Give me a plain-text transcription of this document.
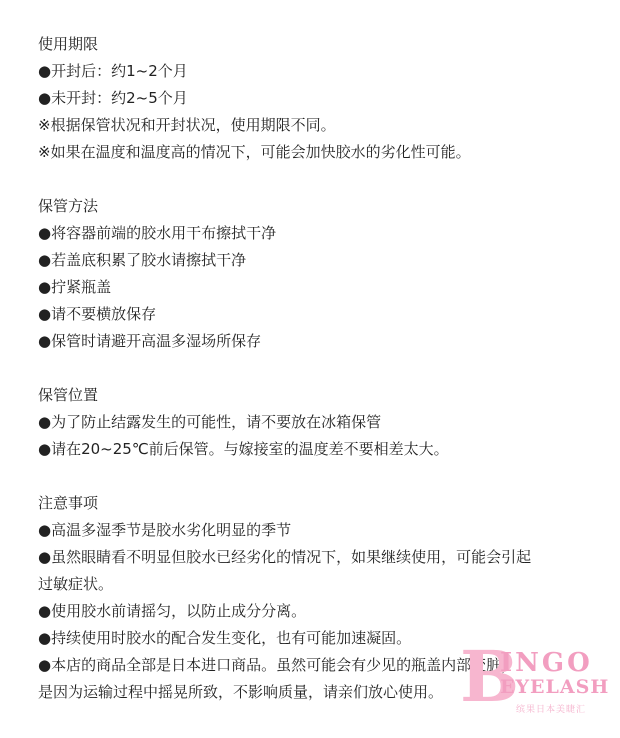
使用期限
●开封后：约1~2个月
●未开封：约2~5个月
※根据保管状况和开封状况，使用期限不同。
※如果在温度和温度高的情况下，可能会加快胶水的劣化性可能。
保管方法
●将容器前端的胶水用干布擦拭干净
●若盖底积累了胶水请擦拭干净
●拧紧瓶盖
●请不要横放保存
●保管时请避开高温多湿场所保存
保管位置
●为了防止结露发生的可能性，请不要放在冰箱保管
●请在20~25℃前后保管。与嫁接室的温度差不要相差太大。
注意事项
●高温多湿季节是胶水劣化明显的季节
●虽然眼睛看不明显但胶水已经劣化的情况下，如果继续使用，可能会引起
过敏症状。
●使用胶水前请摇匀，以防止成分分离。
●持续使用时胶水的配合发生变化，也有可能加速凝固。
●本店的商品全部是日本进口商品。虽然可能会有少见的瓶盖内部变脏，
是因为运输过程中摇晃所致，不影响质量，请亲们放心使用。 B
INGO
EYELASH
缤果日本美睫汇
